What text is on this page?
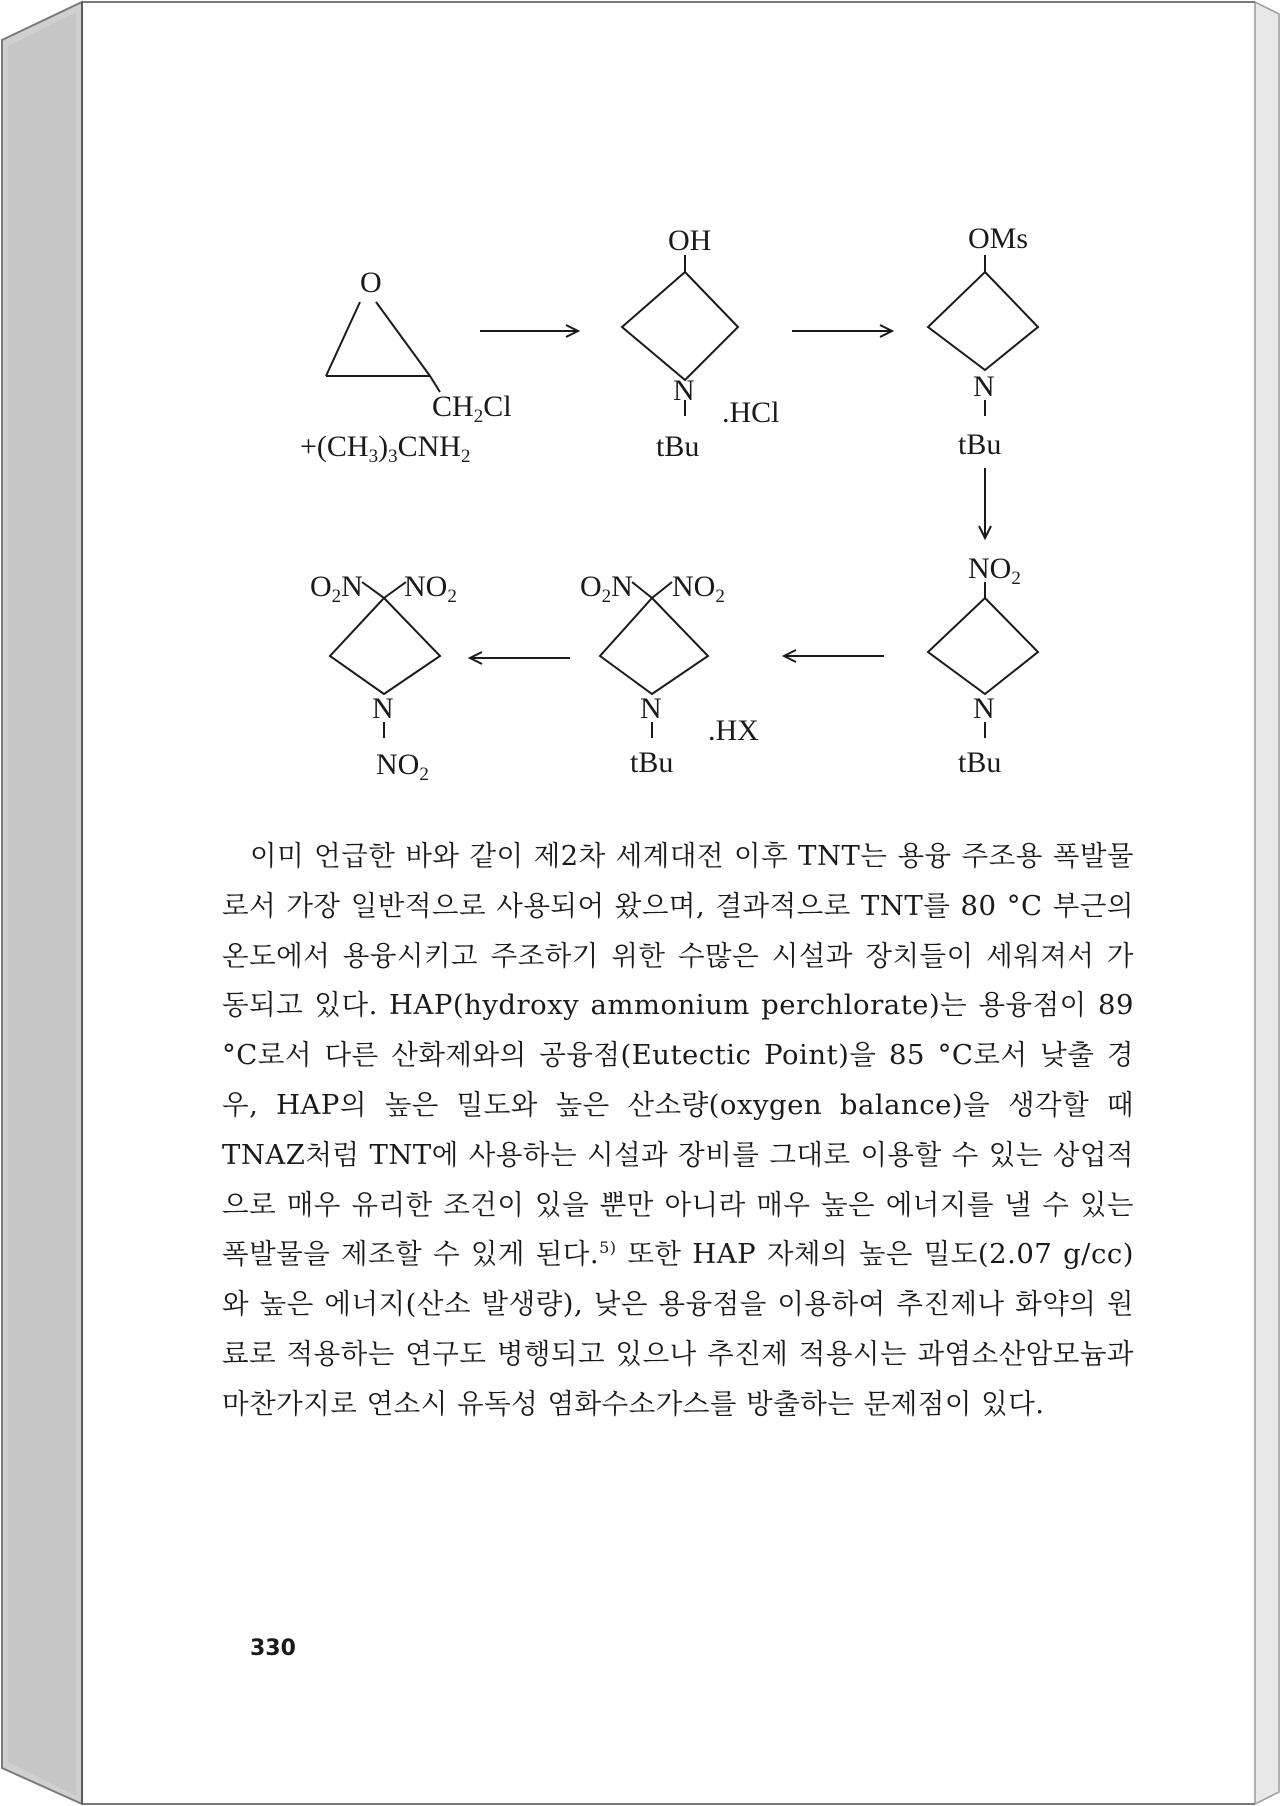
O
$CH_2Cl$
$+(CH_3)_3CNH_2$
OH
N
tBu
.HCl
OMs
N
tBu
$NO_2$
N
tBu
$O_2N$ $NO_2$
N
tBu
.HX
$O_2N$ $NO_2$
N
$NO_2$

이미 언급한 바와 같이 제2차 세계대전 이후 TNT는 용융 주조용 폭발물로서 가장 일반적으로 사용되어 왔으며, 결과적으로 TNT를 80 °C 부근의 온도에서 용융시키고 주조하기 위한 수많은 시설과 장치들이 세워져서 가동되고 있다. HAP(hydroxy ammonium perchlorate)는 용융점이 89 °C로서 다른 산화제와의 공융점(Eutectic Point)을 85 °C로서 낮출 경우, HAP의 높은 밀도와 높은 산소량(oxygen balance)을 생각할 때 TNAZ처럼 TNT에 사용하는 시설과 장비를 그대로 이용할 수 있는 상업적으로 매우 유리한 조건이 있을 뿐만 아니라 매우 높은 에너지를 낼 수 있는 폭발물을 제조할 수 있게 된다.$^{5)}$ 또한 HAP 자체의 높은 밀도(2.07 g/cc)와 높은 에너지(산소 발생량), 낮은 용융점을 이용하여 추진제나 화약의 원료로 적용하는 연구도 병행되고 있으나 추진제 적용시는 과염소산암모늄과 마찬가지로 연소시 유독성 염화수소가스를 방출하는 문제점이 있다.

330
